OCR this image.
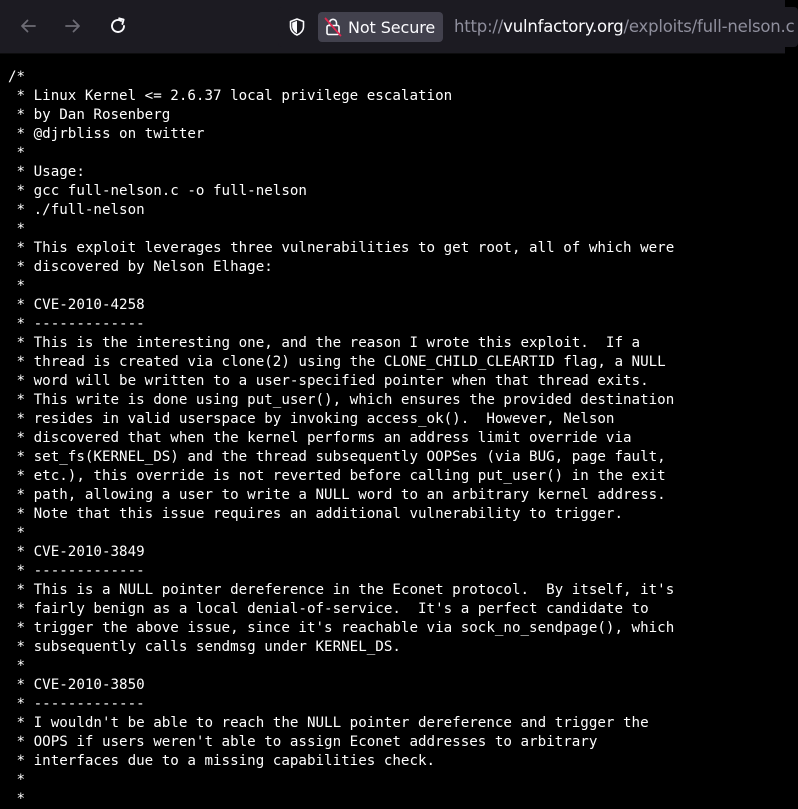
Not Secure http://vulnfactory.org/exploits/full-nelson.c
/*
* Linux Kernel <= 2.6.37 local privilege escalation
* by Dan Rosenberg
* @djrbliss on twitter
*
* Usage:
* gcc full-nelson.c -o full-nelson
* ./full-nelson
*
* This exploit leverages three vulnerabilities to get root, all of which were
* discovered by Nelson Elhage:
*
* CVE-2010-4258
* -------------
* This is the interesting one, and the reason I wrote this exploit.  If a
* thread is created via clone(2) using the CLONE_CHILD_CLEARTID flag, a NULL
* word will be written to a user-specified pointer when that thread exits.
* This write is done using put_user(), which ensures the provided destination
* resides in valid userspace by invoking access_ok().  However, Nelson
* discovered that when the kernel performs an address limit override via
* set_fs(KERNEL_DS) and the thread subsequently OOPSes (via BUG, page fault,
* etc.), this override is not reverted before calling put_user() in the exit
* path, allowing a user to write a NULL word to an arbitrary kernel address.
* Note that this issue requires an additional vulnerability to trigger.
*
* CVE-2010-3849
* -------------
* This is a NULL pointer dereference in the Econet protocol.  By itself, it's
* fairly benign as a local denial-of-service.  It's a perfect candidate to
* trigger the above issue, since it's reachable via sock_no_sendpage(), which
* subsequently calls sendmsg under KERNEL_DS.
*
* CVE-2010-3850
* -------------
* I wouldn't be able to reach the NULL pointer dereference and trigger the
* OOPS if users weren't able to assign Econet addresses to arbitrary
* interfaces due to a missing capabilities check.
*
*
